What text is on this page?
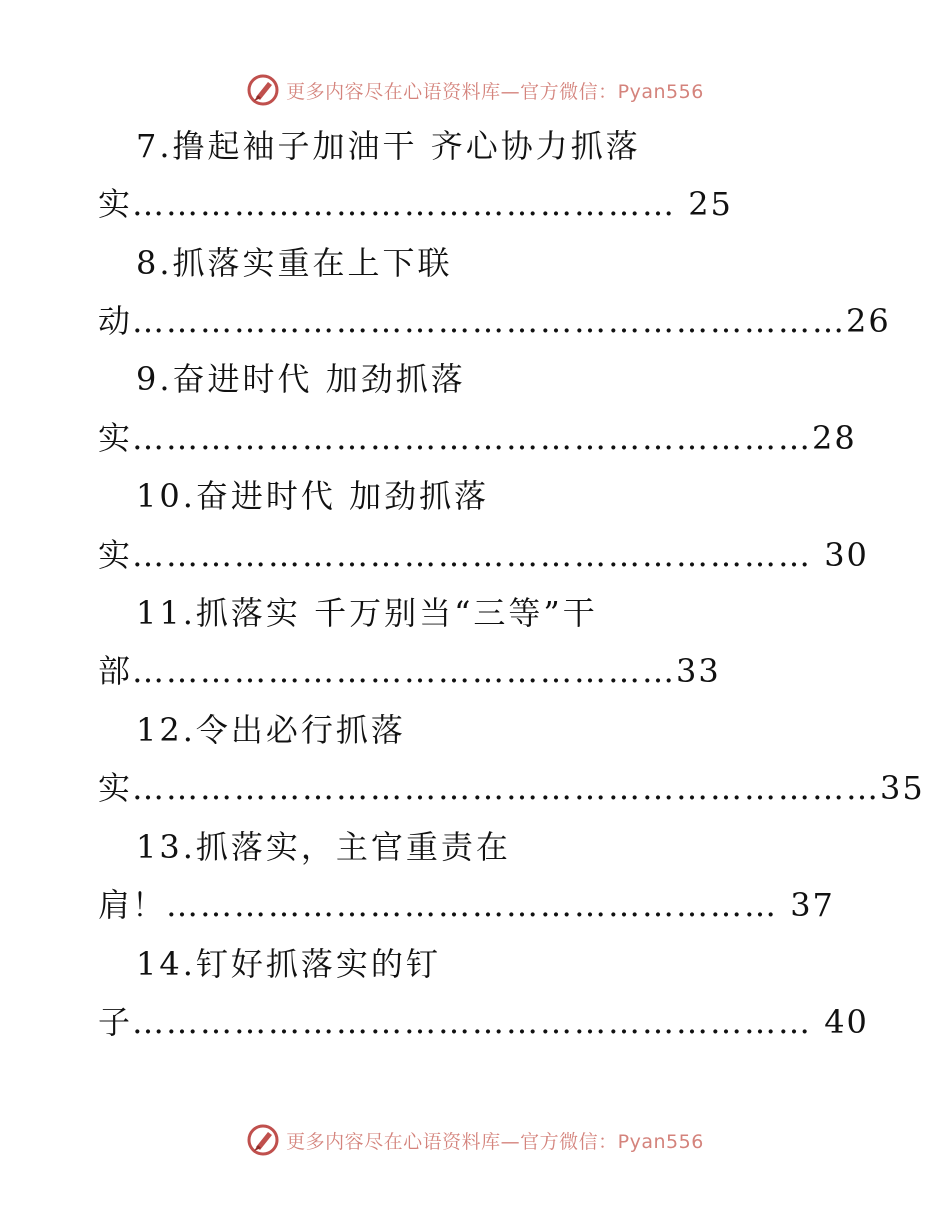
更多内容尽在心语资料库—官方微信：Pyan556
7.撸起袖子加油干 齐心协力抓落
实………………………………………… 25
8.抓落实重在上下联
动………………………………………………………26
9.奋进时代 加劲抓落
实……………………………………………………28
10.奋进时代 加劲抓落
实…………………………………………………… 30
11.抓落实 千万别当“三等”干
部…………………………………………33
12.令出必行抓落
实…………………………………………………………35
13.抓落实，主官重责在
肩！……………………………………………… 37
14.钉好抓落实的钉
子…………………………………………………… 40
更多内容尽在心语资料库—官方微信：Pyan556
